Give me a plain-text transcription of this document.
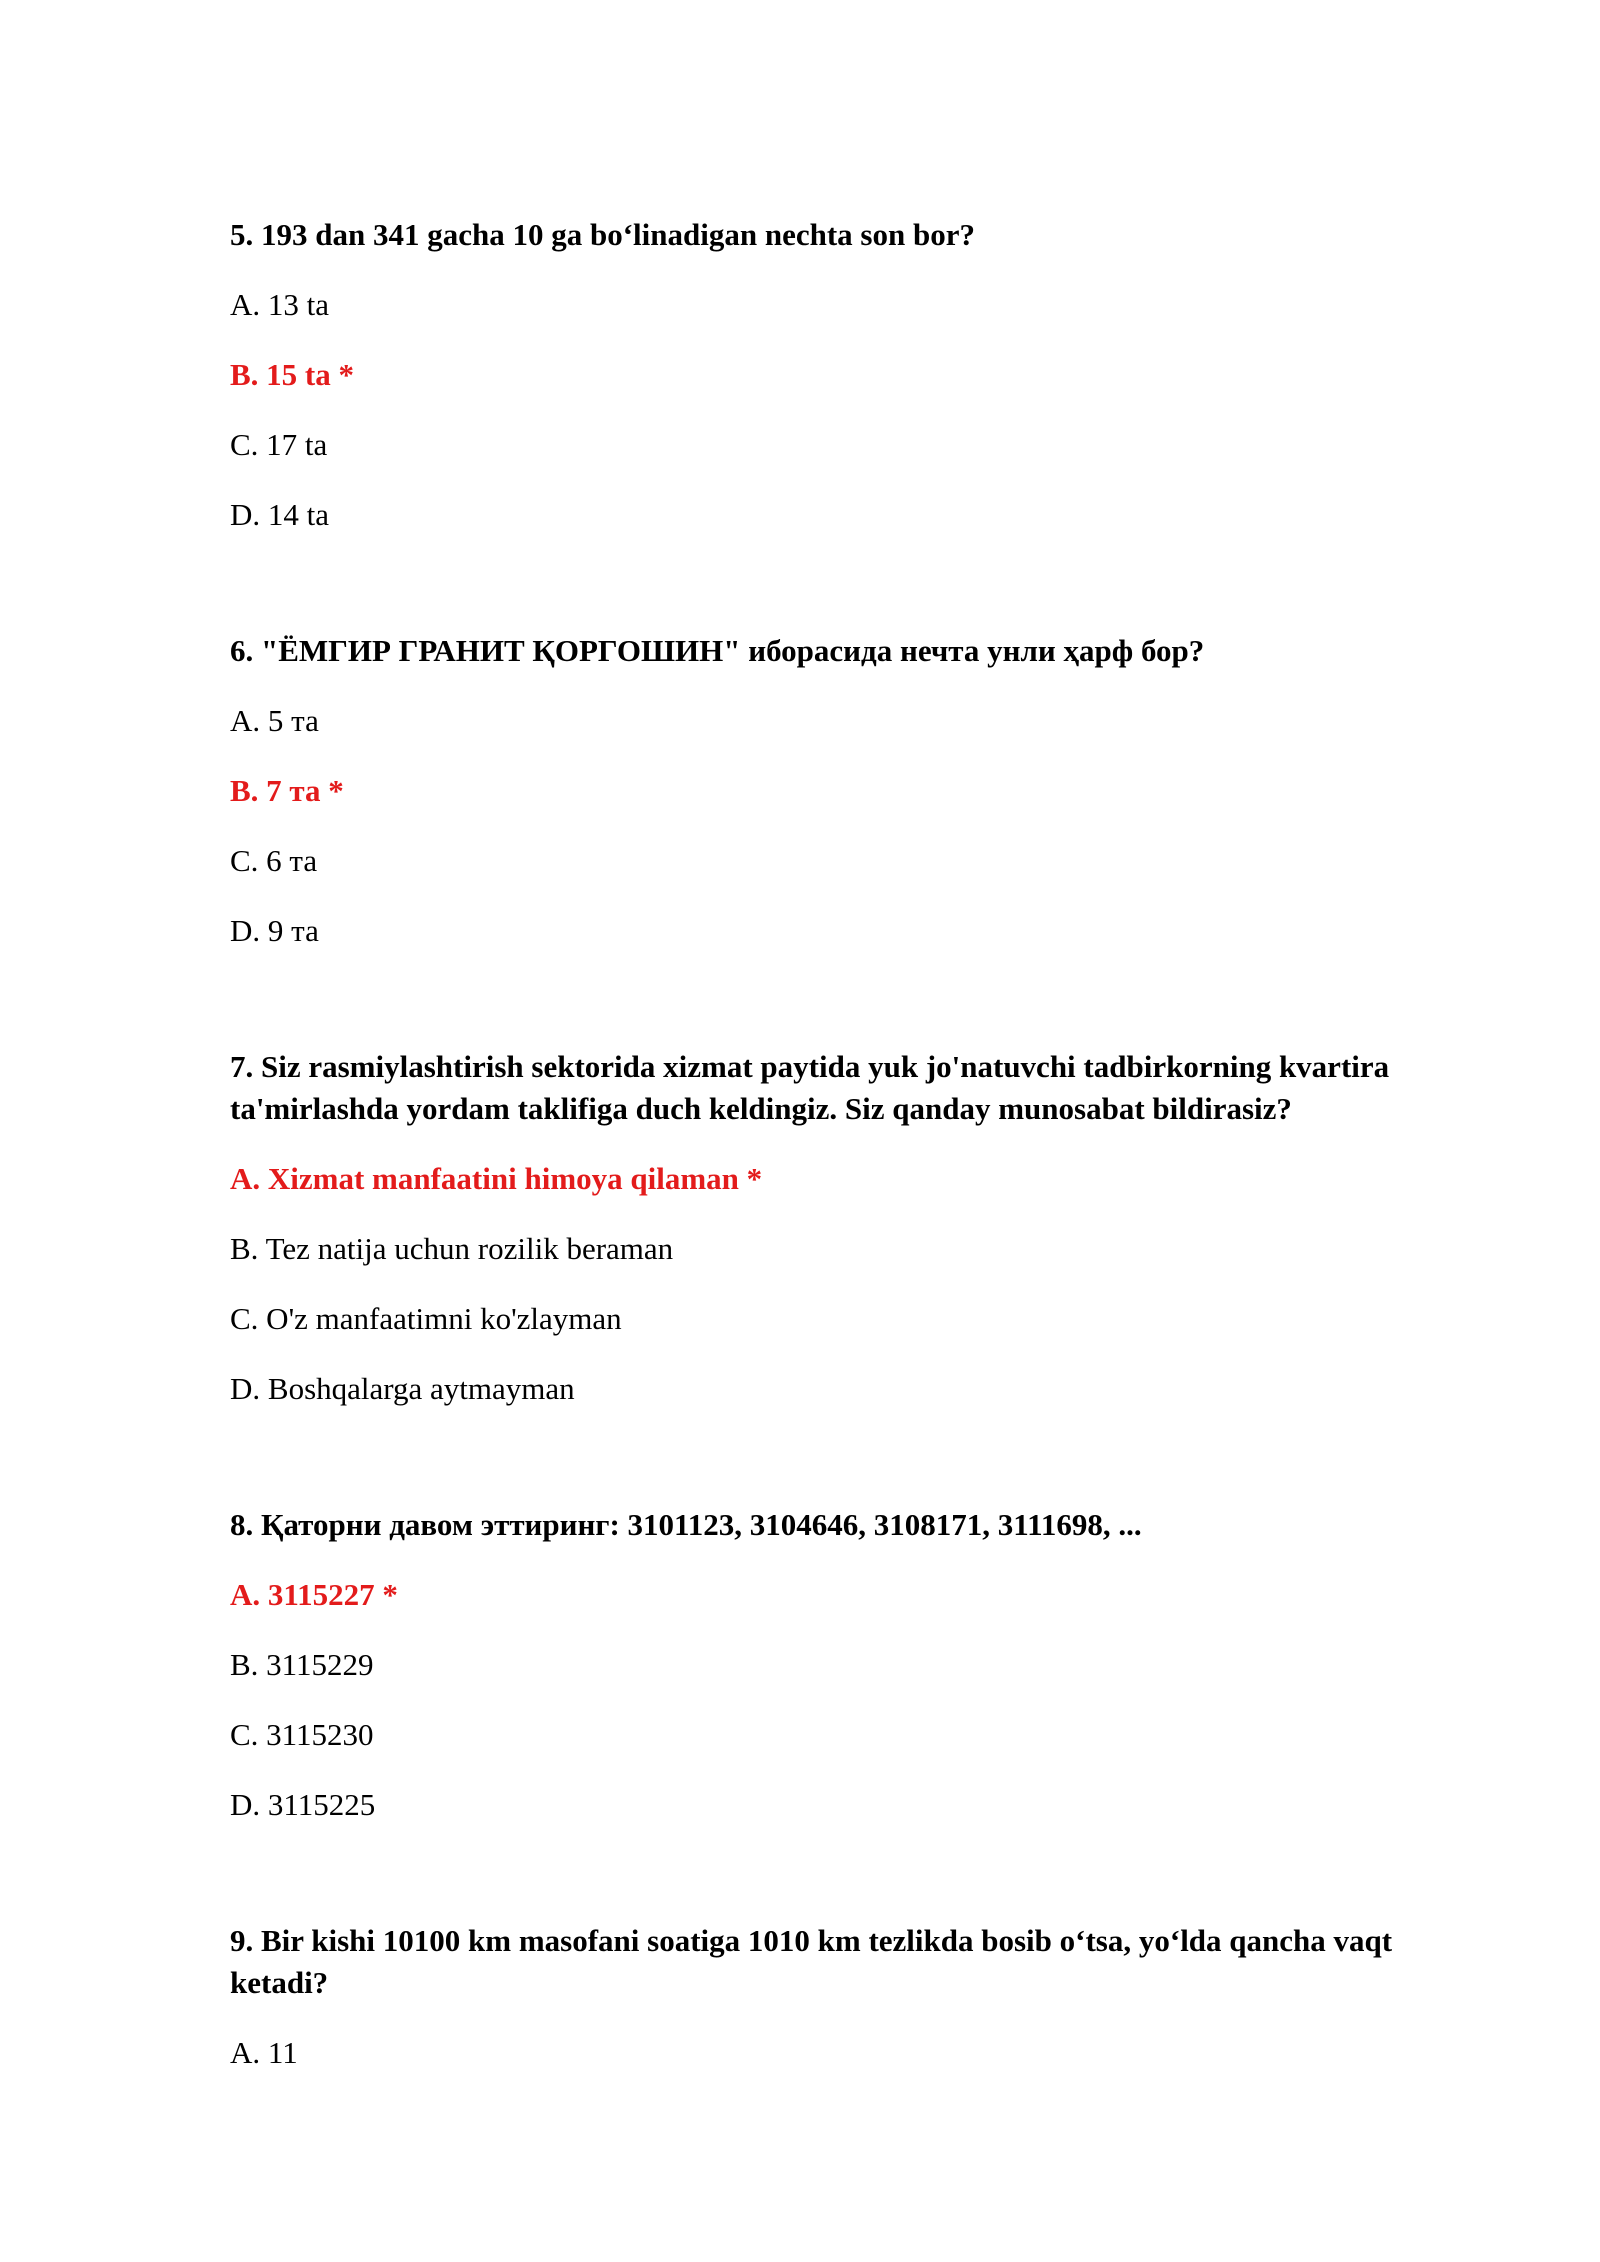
5. 193 dan 341 gacha 10 ga bo‘linadigan nechta son bor?
A. 13 ta
B. 15 ta *
C. 17 ta
D. 14 ta
6. "ЁМГИР ГРАНИТ ҚОРГОШИН" иборасида нечта унли ҳарф бор?
A. 5 та
B. 7 та *
C. 6 та
D. 9 та
7. Siz rasmiylashtirish sektorida xizmat paytida yuk jo'natuvchi tadbirkorning kvartira ta'mirlashda yordam taklifiga duch keldingiz. Siz qanday munosabat bildirasiz?
A. Xizmat manfaatini himoya qilaman *
B. Tez natija uchun rozilik beraman
C. O'z manfaatimni ko'zlayman
D. Boshqalarga aytmayman
8. Қаторни давом эттиринг: 3101123, 3104646, 3108171, 3111698, ...
A. 3115227 *
B. 3115229
C. 3115230
D. 3115225
9. Bir kishi 10100 km masofani soatiga 1010 km tezlikda bosib o‘tsa, yo‘lda qancha vaqt ketadi?
A. 11
